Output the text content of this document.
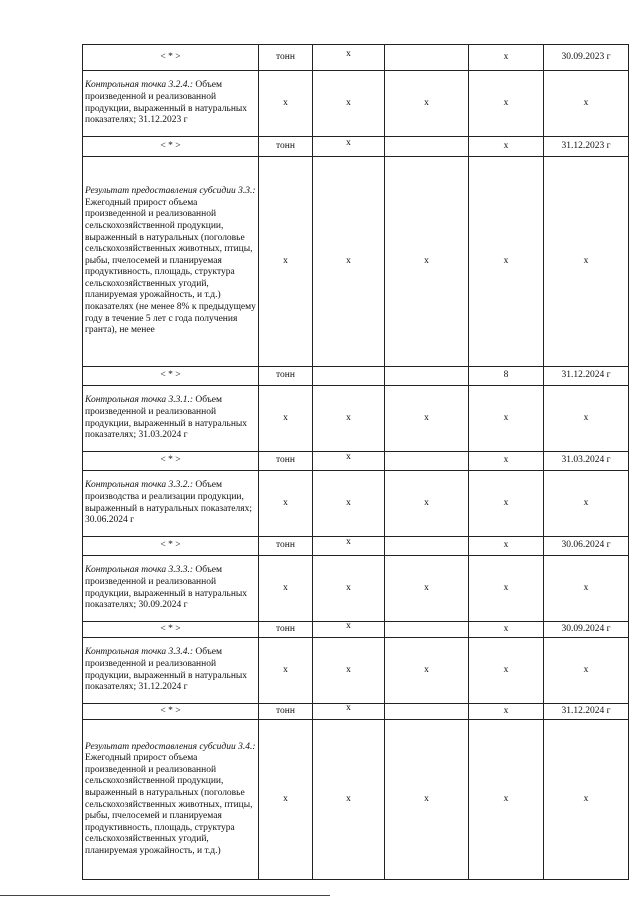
< * >	тонн	х		х	30.09.2023 г
Контрольная точка 3.2.4.: Объем произведенной и реализованной продукции, выраженный в натуральных показателях; 31.12.2023 г	х	х	х	х	х
< * >	тонн	х		х	31.12.2023 г
Результат предоставления субсидии 3.3.: Ежегодный прирост объема произведенной и реализованной сельскохозяйственной продукции, выраженный в натуральных (поголовье сельскохозяйственных животных, птицы, рыбы, пчелосемей и планируемая продуктивность, площадь, структура сельскохозяйственных угодий, планируемая урожайность, и т.д.) показателях (не менее 8% к предыдущему году в течение 5 лет с года получения гранта), не менее	х	х	х	х	х
< * >	тонн			8	31.12.2024 г
Контрольная точка 3.3.1.: Объем произведенной и реализованной продукции, выраженный в натуральных показателях; 31.03.2024 г	х	х	х	х	х
< * >	тонн	х		х	31.03.2024 г
Контрольная точка 3.3.2.: Объем производства и реализации продукции, выраженный в натуральных показателях; 30.06.2024 г	х	х	х	х	х
< * >	тонн	х		х	30.06.2024 г
Контрольная точка 3.3.3.: Объем произведенной и реализованной продукции, выраженный в натуральных показателях; 30.09.2024 г	х	х	х	х	х
< * >	тонн	х		х	30.09.2024 г
Контрольная точка 3.3.4.: Объем произведенной и реализованной продукции, выраженный в натуральных показателях; 31.12.2024 г	х	х	х	х	х
< * >	тонн	х		х	31.12.2024 г
Результат предоставления субсидии 3.4.: Ежегодный прирост объема произведенной и реализованной сельскохозяйственной продукции, выраженный в натуральных (поголовье сельскохозяйственных животных, птицы, рыбы, пчелосемей и планируемая продуктивность, площадь, структура сельскохозяйственных угодий, планируемая урожайность, и т.д.)	х	х	х	х	х
